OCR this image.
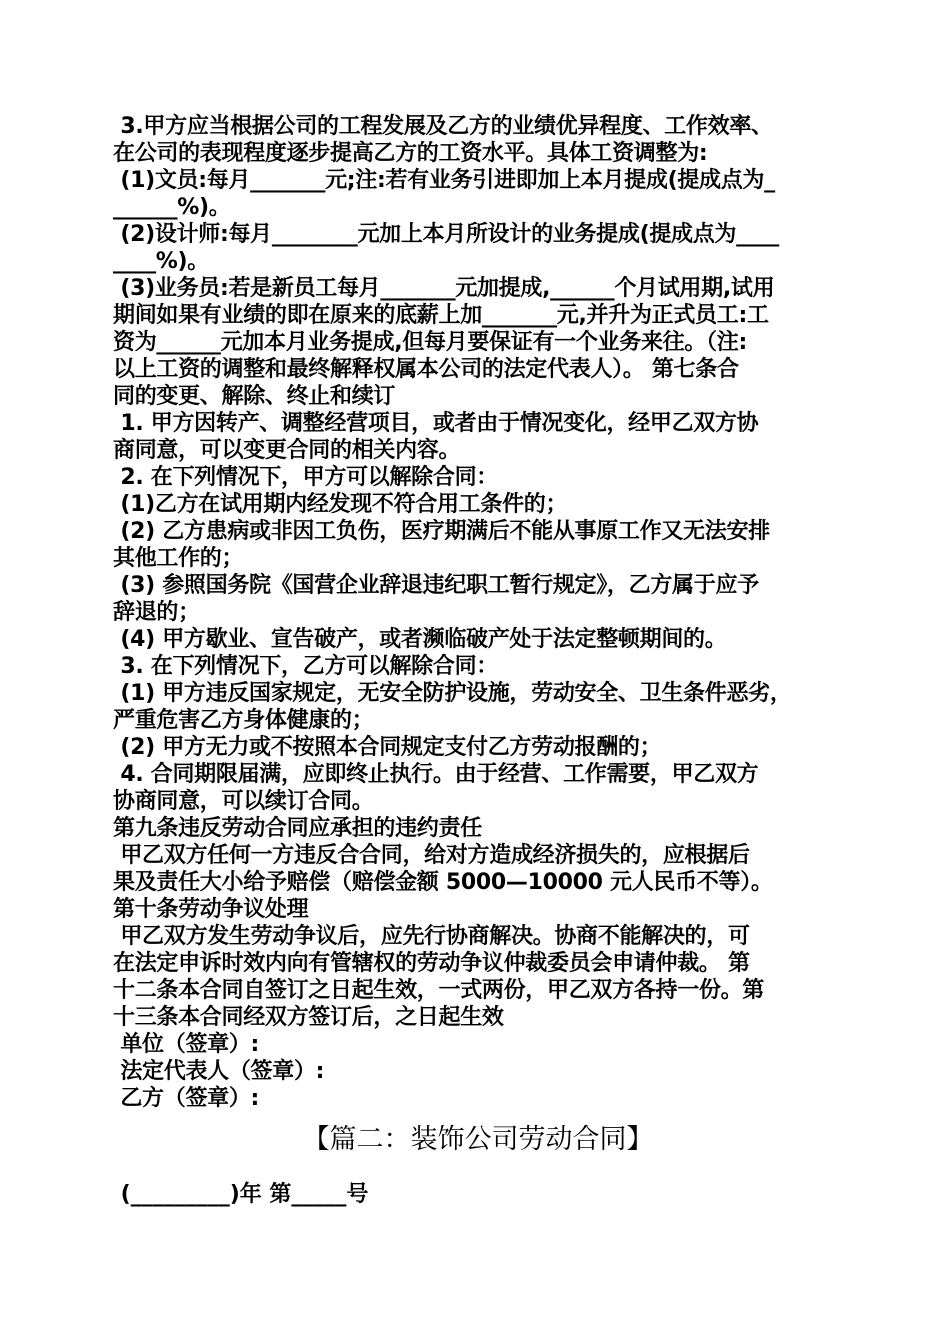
3.甲方应当根据公司的工程发展及乙方的业绩优异程度、工作效率、
在公司的表现程度逐步提高乙方的工资水平。具体工资调整为:
(1)文员:每月_______元;注:若有业务引进即加上本月提成(提成点为_
______%)。
(2)设计师:每月________元加上本月所设计的业务提成(提成点为____
____%)。
(3)业务员:若是新员工每月_______元加提成,______个月试用期,试用
期间如果有业绩的即在原来的底薪上加_______元,并升为正式员工:工
资为______元加本月业务提成,但每月要保证有一个业务来往。（注:
以上工资的调整和最终解释权属本公司的法定代表人）。 第七条合
同的变更、解除、终止和续订
1. 甲方因转产、调整经营项目，或者由于情况变化，经甲乙双方协
商同意，可以变更合同的相关内容。
2. 在下列情况下，甲方可以解除合同：
(1)乙方在试用期内经发现不符合用工条件的；
(2) 乙方患病或非因工负伤，医疗期满后不能从事原工作又无法安排
其他工作的；
(3) 参照国务院《国营企业辞退违纪职工暂行规定》，乙方属于应予
辞退的；
(4) 甲方歇业、宣告破产，或者濒临破产处于法定整顿期间的。
3. 在下列情况下，乙方可以解除合同：
(1) 甲方违反国家规定，无安全防护设施，劳动安全、卫生条件恶劣，
严重危害乙方身体健康的；
(2) 甲方无力或不按照本合同规定支付乙方劳动报酬的；
4. 合同期限届满，应即终止执行。由于经营、工作需要，甲乙双方
协商同意，可以续订合同。
第九条违反劳动合同应承担的违约责任
甲乙双方任何一方违反合合同，给对方造成经济损失的，应根据后
果及责任大小给予赔偿（赔偿金额 5000—10000 元人民币不等）。
第十条劳动争议处理
甲乙双方发生劳动争议后，应先行协商解决。协商不能解决的，可
在法定申诉时效内向有管辖权的劳动争议仲裁委员会申请仲裁。 第
十二条本合同自签订之日起生效，一式两份，甲乙双方各持一份。第
十三条本合同经双方签订后，之日起生效
单位（签章）:
法定代表人（签章）:
乙方（签章）:
【篇二：装饰公司劳动合同】
(_________)年 第_____号
